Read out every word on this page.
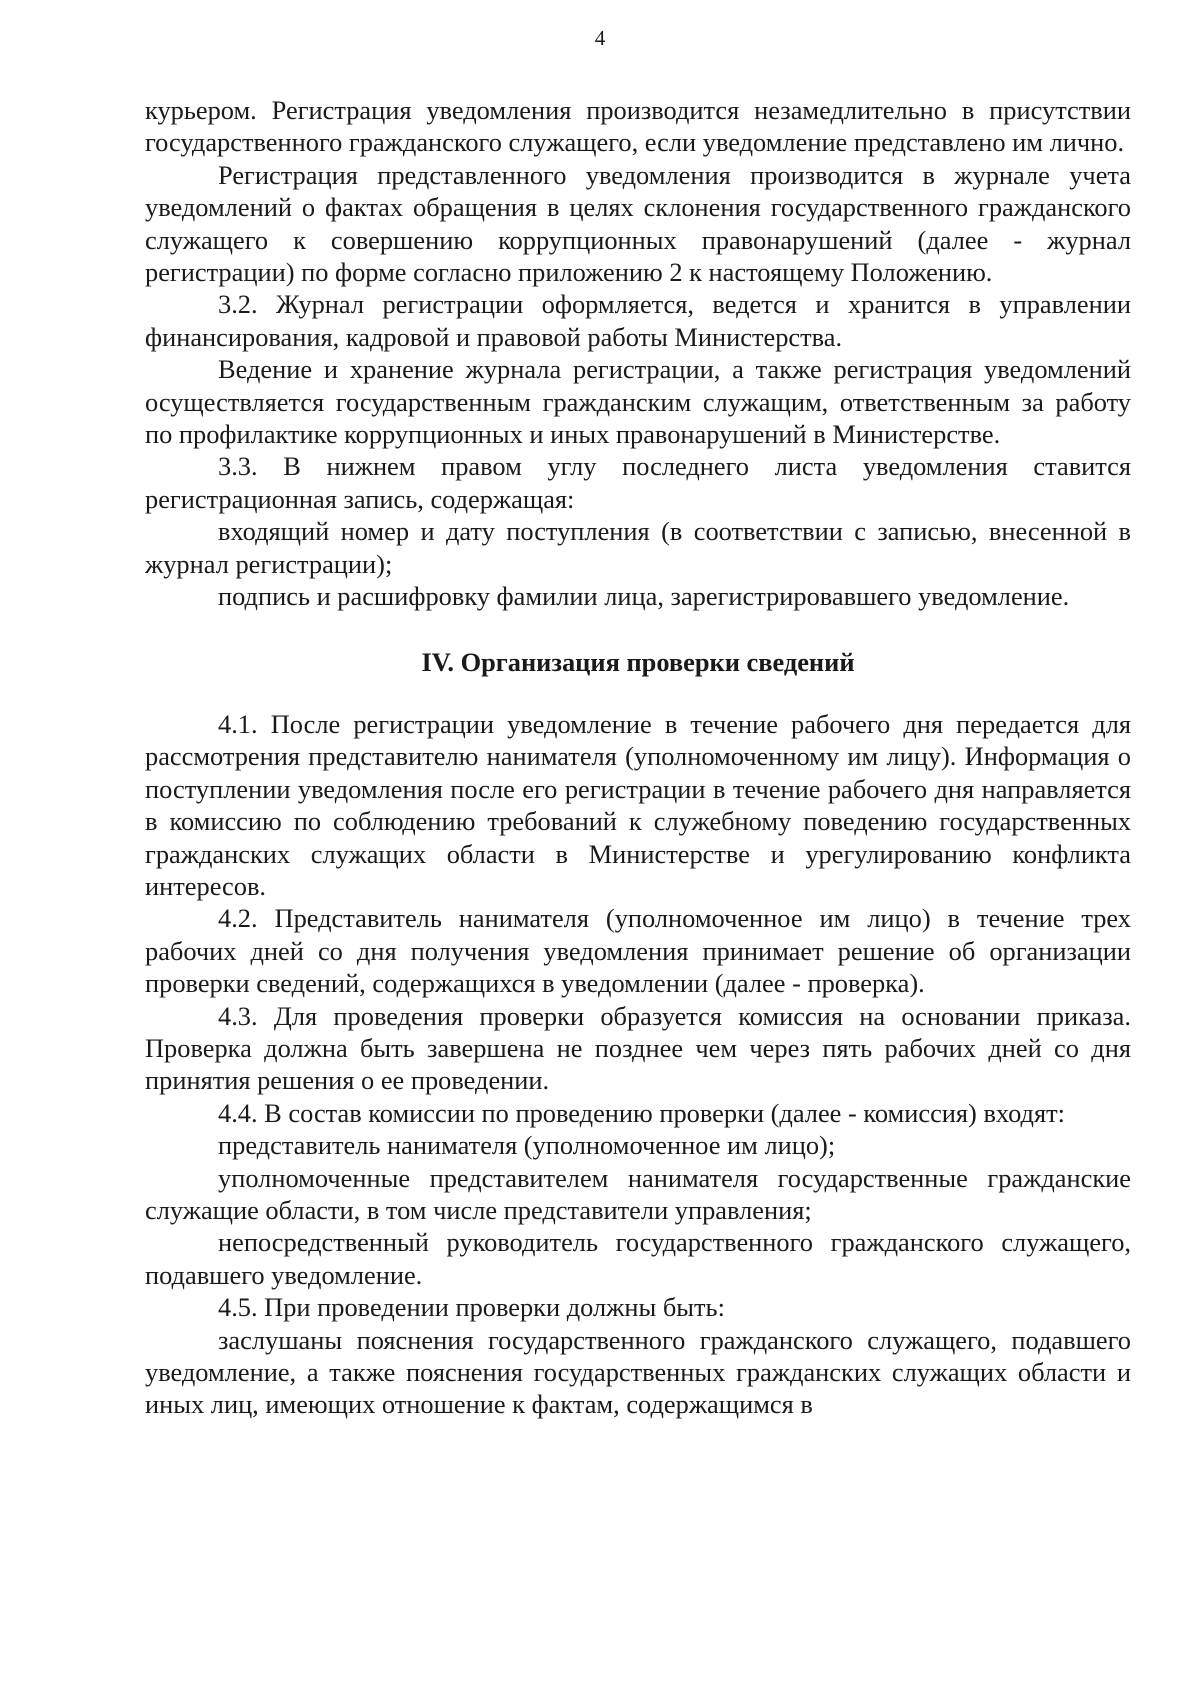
4

курьером. Регистрация уведомления производится незамедлительно в присутствии государственного гражданского служащего, если уведомление представлено им лично.

Регистрация представленного уведомления производится в журнале учета уведомлений о фактах обращения в целях склонения государственного гражданского служащего к совершению коррупционных правонарушений (далее - журнал регистрации) по форме согласно приложению 2 к настоящему Положению.

3.2. Журнал регистрации оформляется, ведется и хранится в управлении финансирования, кадровой и правовой работы Министерства.

Ведение и хранение журнала регистрации, а также регистрация уведомлений осуществляется государственным гражданским служащим, ответственным за работу по профилактике коррупционных и иных правонарушений в Министерстве.

3.3. В нижнем правом углу последнего листа уведомления ставится регистрационная запись, содержащая:

входящий номер и дату поступления (в соответствии с записью, внесенной в журнал регистрации);

подпись и расшифровку фамилии лица, зарегистрировавшего уведомление.

IV. Организация проверки сведений

4.1. После регистрации уведомление в течение рабочего дня передается для рассмотрения представителю нанимателя (уполномоченному им лицу). Информация о поступлении уведомления после его регистрации в течение рабочего дня направляется в комиссию по соблюдению требований к служебному поведению государственных гражданских служащих области в Министерстве и урегулированию конфликта интересов.

4.2. Представитель нанимателя (уполномоченное им лицо) в течение трех рабочих дней со дня получения уведомления принимает решение об организации проверки сведений, содержащихся в уведомлении (далее - проверка).

4.3. Для проведения проверки образуется комиссия на основании приказа. Проверка должна быть завершена не позднее чем через пять рабочих дней со дня принятия решения о ее проведении.

4.4. В состав комиссии по проведению проверки (далее - комиссия) входят:

представитель нанимателя (уполномоченное им лицо);

уполномоченные представителем нанимателя государственные гражданские служащие области, в том числе представители управления;

непосредственный руководитель государственного гражданского служащего, подавшего уведомление.

4.5. При проведении проверки должны быть:

заслушаны пояснения государственного гражданского служащего, подавшего уведомление, а также пояснения государственных гражданских служащих области и иных лиц, имеющих отношение к фактам, содержащимся в
